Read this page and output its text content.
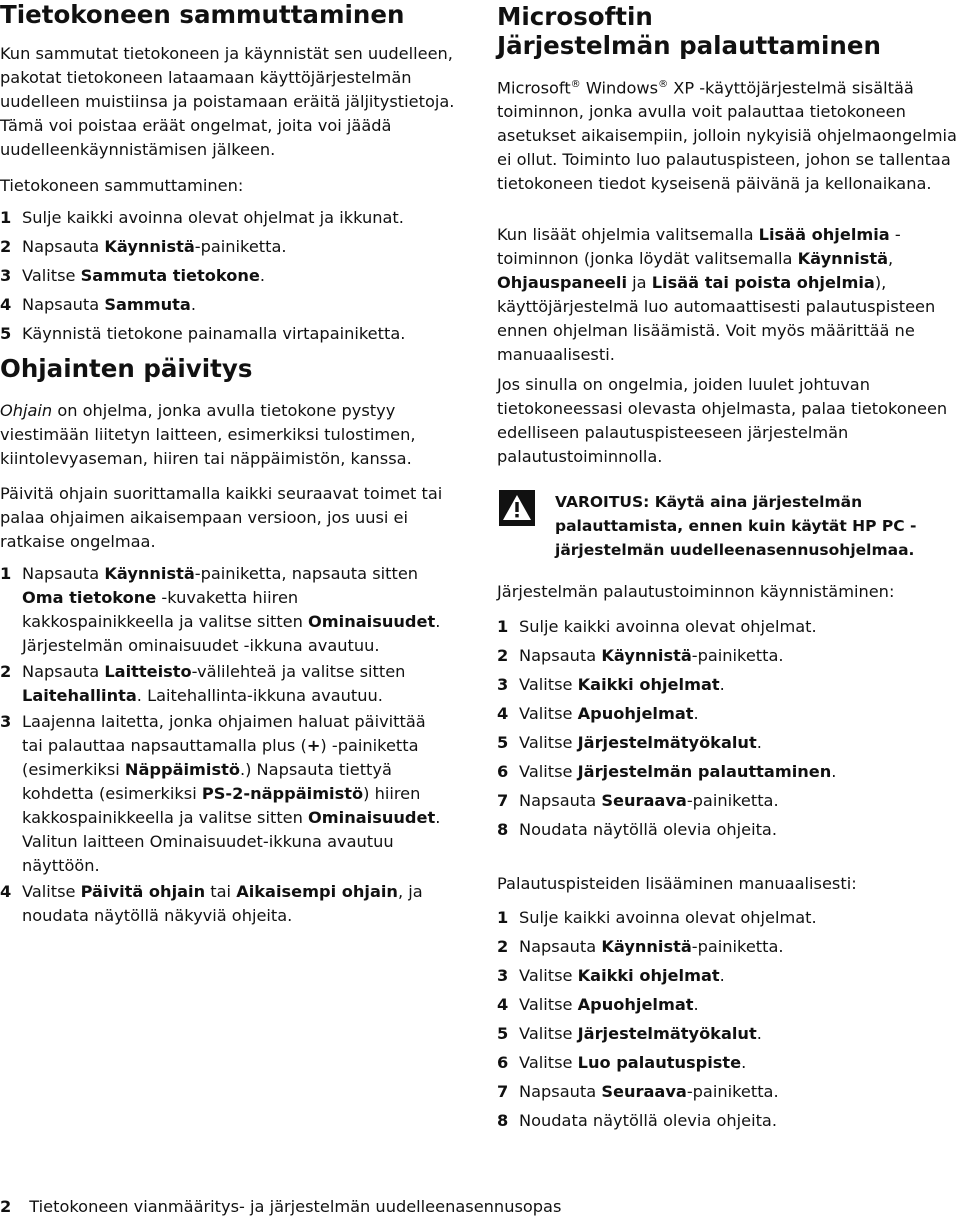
Tietokoneen sammuttaminen

Kun sammutat tietokoneen ja käynnistät sen uudelleen, pakotat tietokoneen lataamaan käyttöjärjestelmän uudelleen muistiinsa ja poistamaan eräitä jäljitystietoja. Tämä voi poistaa eräät ongelmat, joita voi jäädä uudelleenkäynnistämisen jälkeen.

Tietokoneen sammuttaminen:

1 Sulje kaikki avoinna olevat ohjelmat ja ikkunat.
2 Napsauta Käynnistä-painiketta.
3 Valitse Sammuta tietokone.
4 Napsauta Sammuta.
5 Käynnistä tietokone painamalla virtapainiketta.
Ohjainten päivitys

Ohjain on ohjelma, jonka avulla tietokone pystyy viestimään liitetyn laitteen, esimerkiksi tulostimen, kiintolevyaseman, hiiren tai näppäimistön, kanssa.

Päivitä ohjain suorittamalla kaikki seuraavat toimet tai palaa ohjaimen aikaisempaan versioon, jos uusi ei ratkaise ongelmaa.

1 Napsauta Käynnistä-painiketta, napsauta sitten Oma tietokone -kuvaketta hiiren kakkospainikkeella ja valitse sitten Ominaisuudet. Järjestelmän ominaisuudet -ikkuna avautuu.
2 Napsauta Laitteisto-välilehteä ja valitse sitten Laitehallinta. Laitehallinta-ikkuna avautuu.
3 Laajenna laitetta, jonka ohjaimen haluat päivittää tai palauttaa napsauttamalla plus (+) -painiketta (esimerkiksi Näppäimistö.) Napsauta tiettyä kohdetta (esimerkiksi PS-2-näppäimistö) hiiren kakkospainikkeella ja valitse sitten Ominaisuudet. Valitun laitteen Ominaisuudet-ikkuna avautuu näyttöön.
4 Valitse Päivitä ohjain tai Aikaisempi ohjain, ja noudata näytöllä näkyviä ohjeita.
Microsoftin
Järjestelmän palauttaminen

Microsoft® Windows® XP -käyttöjärjestelmä sisältää toiminnon, jonka avulla voit palauttaa tietokoneen asetukset aikaisempiin, jolloin nykyisiä ohjelmaongelmia ei ollut. Toiminto luo palautuspisteen, johon se tallentaa tietokoneen tiedot kyseisenä päivänä ja kellonaikana.

Kun lisäät ohjelmia valitsemalla Lisää ohjelmia -toiminnon (jonka löydät valitsemalla Käynnistä, Ohjauspaneeli ja Lisää tai poista ohjelmia), käyttöjärjestelmä luo automaattisesti palautuspisteen ennen ohjelman lisäämistä. Voit myös määrittää ne manuaalisesti.

Jos sinulla on ongelmia, joiden luulet johtuvan tietokoneessasi olevasta ohjelmasta, palaa tietokoneen edelliseen palautuspisteeseen järjestelmän palautustoiminnolla.

VAROITUS: Käytä aina järjestelmän palauttamista, ennen kuin käytät HP PC -järjestelmän uudelleenasennusohjelmaa.

Järjestelmän palautustoiminnon käynnistäminen:

1 Sulje kaikki avoinna olevat ohjelmat.
2 Napsauta Käynnistä-painiketta.
3 Valitse Kaikki ohjelmat.
4 Valitse Apuohjelmat.
5 Valitse Järjestelmätyökalut.
6 Valitse Järjestelmän palauttaminen.
7 Napsauta Seuraava-painiketta.
8 Noudata näytöllä olevia ohjeita.

Palautuspisteiden lisääminen manuaalisesti:

1 Sulje kaikki avoinna olevat ohjelmat.
2 Napsauta Käynnistä-painiketta.
3 Valitse Kaikki ohjelmat.
4 Valitse Apuohjelmat.
5 Valitse Järjestelmätyökalut.
6 Valitse Luo palautuspiste.
7 Napsauta Seuraava-painiketta.
8 Noudata näytöllä olevia ohjeita.
2 Tietokoneen vianmääritys- ja järjestelmän uudelleenasennusopas
